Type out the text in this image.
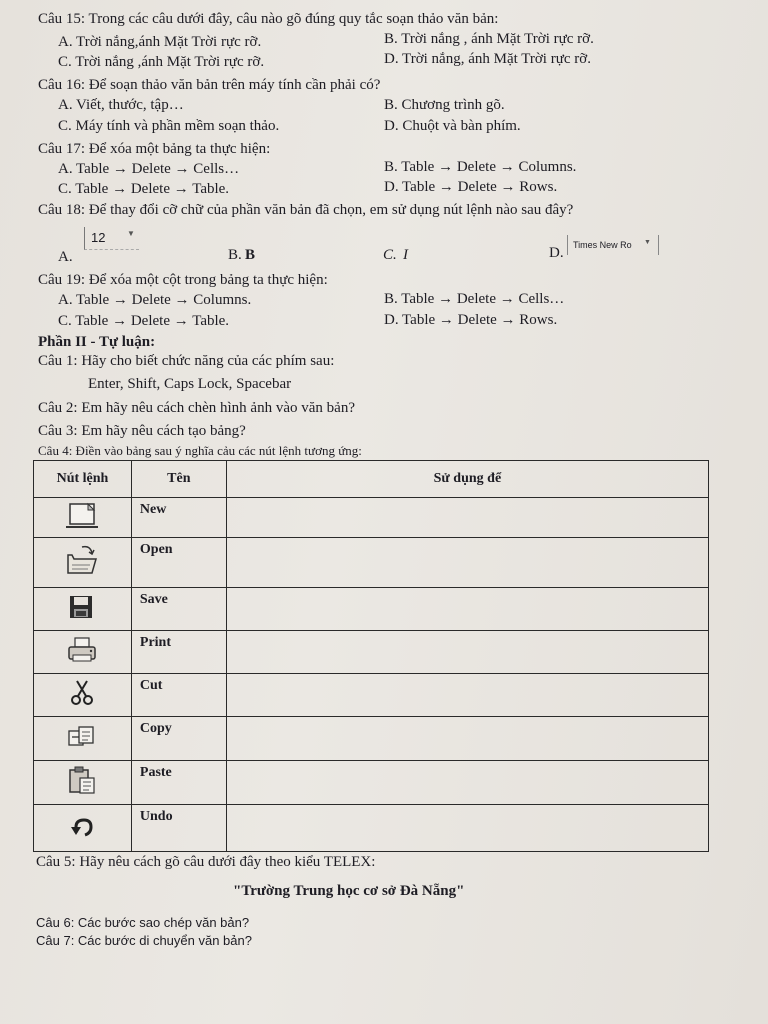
Câu 15: Trong các câu dưới đây, câu nào gõ đúng quy tắc soạn thảo văn bản:
A. Trời nắng,ánh Mặt Trời rực rỡ.	B. Trời nắng , ánh Mặt Trời rực rỡ.
C. Trời nắng ,ánh Mặt Trời rực rỡ.	D. Trời nắng, ánh Mặt Trời rực rỡ.
Câu 16: Để soạn thảo văn bản trên máy tính cần phải có?
A. Viết, thước, tập…	B. Chương trình gõ.
C. Máy tính và phần mềm soạn thảo.	D. Chuột và bàn phím.
Câu 17: Để xóa một bảng ta thực hiện:
A. Table → Delete → Cells…	B. Table → Delete → Columns.
C. Table → Delete → Table.	D. Table → Delete → Rows.
Câu 18: Để thay đổi cỡ chữ của phần văn bản đã chọn, em sử dụng nút lệnh nào sau đây?
A.
12	▼
B. B	C. I	D. Times New Ro ▼
Câu 19: Để xóa một cột trong bảng ta thực hiện:
A. Table → Delete → Columns.	B. Table → Delete → Cells…
C. Table → Delete → Table.	D. Table → Delete → Rows.
Phần II - Tự luận:
Câu 1: Hãy cho biết chức năng của các phím sau:
Enter, Shift, Caps Lock, Spacebar
Câu 2: Em hãy nêu cách chèn hình ảnh vào văn bản?
Câu 3: Em hãy nêu cách tạo bảng?
Câu 4: Điền vào bảng sau ý nghĩa cảu các nút lệnh tương ứng:
Nút lệnh	Tên	Sử dụng để
	New	
	Open	
	Save	
	Print	
	Cut	
	Copy	
	Paste	
	Undo	
Câu 5: Hãy nêu cách gõ câu dưới đây theo kiểu TELEX:
"Trường Trung học cơ sở Đà Nẵng"
Câu 6: Các bước sao chép văn bản?
Câu 7: Các bước di chuyển văn bản?
